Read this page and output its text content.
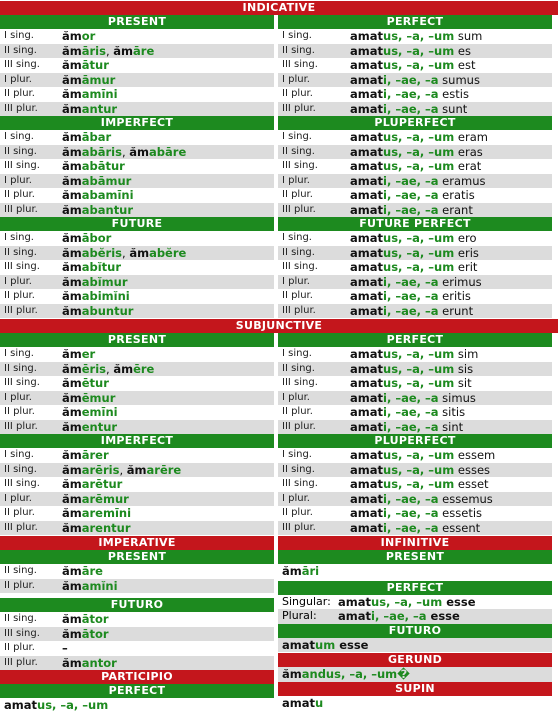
INDICATIVE
PRESENT
I sing.	ămor
II sing.	ămāris, ămāre
III sing.	ămātur
I plur.	ămāmur
II plur.	ămamīni
III plur.	ămantur
PERFECT
I sing.	amatus, –a, –um sum
II sing.	amatus, –a, –um es
III sing.	amatus, –a, –um est
I plur.	amati, –ae, –a sumus
II plur.	amati, –ae, –a estis
III plur.	amati, –ae, –a sunt
IMPERFECT
I sing.	ămābar
II sing.	ămabāris, ămabāre
III sing.	ămabātur
I plur.	ămabāmur
II plur.	ămabamīni
III plur.	ămabantur
PLUPERFECT
I sing.	amatus, –a, –um eram
II sing.	amatus, –a, –um eras
III sing.	amatus, –a, –um erat
I plur.	amati, –ae, –a eramus
II plur.	amati, –ae, –a eratis
III plur.	amati, –ae, –a erant
FUTURE
I sing.	ămābor
II sing.	ămabĕris, ămabĕre
III sing.	ămabĭtur
I plur.	ămabĭmur
II plur.	ămabimĭni
III plur.	ămabuntur
FUTURE PERFECT
I sing.	amatus, –a, –um ero
II sing.	amatus, –a, –um eris
III sing.	amatus, –a, –um erit
I plur.	amati, –ae, –a erimus
II plur.	amati, –ae, –a eritis
III plur.	amati, –ae, –a erunt
SUBJUNCTIVE
PRESENT
I sing.	ămer
II sing.	ămēris, ămēre
III sing.	ămētur
I plur.	ămēmur
II plur.	ămemīni
III plur.	ămentur
PERFECT
I sing.	amatus, –a, –um sim
II sing.	amatus, –a, –um sis
III sing.	amatus, –a, –um sit
I plur.	amati, –ae, –a simus
II plur.	amati, –ae, –a sitis
III plur.	amati, –ae, –a sint
IMPERFECT
I sing.	ămārer
II sing.	ămarēris, ămarēre
III sing.	ămarētur
I plur.	ămarēmur
II plur.	ămaremīni
III plur.	ămarentur
PLUPERFECT
I sing.	amatus, –a, –um essem
II sing.	amatus, –a, –um esses
III sing.	amatus, –a, –um esset
I plur.	amati, –ae, –a essemus
II plur.	amati, –ae, –a essetis
III plur.	amati, –ae, –a essent
IMPERATIVE
PRESENT
II sing.	ămāre
II plur.	ămamĭni
FUTURO
II sing.	ămātor
III sing.	ămātor
II plur.	–
III plur.	ămantor
PARTICIPIO
PERFECT
amatus, –a, –um
INFINITIVE
PRESENT
ămāri
PERFECT
Singular: amatus, –a, –um esse
Plural:	amati, –ae, –a esse
FUTURO
amatum esse
GERUND
ămandus, –a, –um�
SUPIN
amatu
